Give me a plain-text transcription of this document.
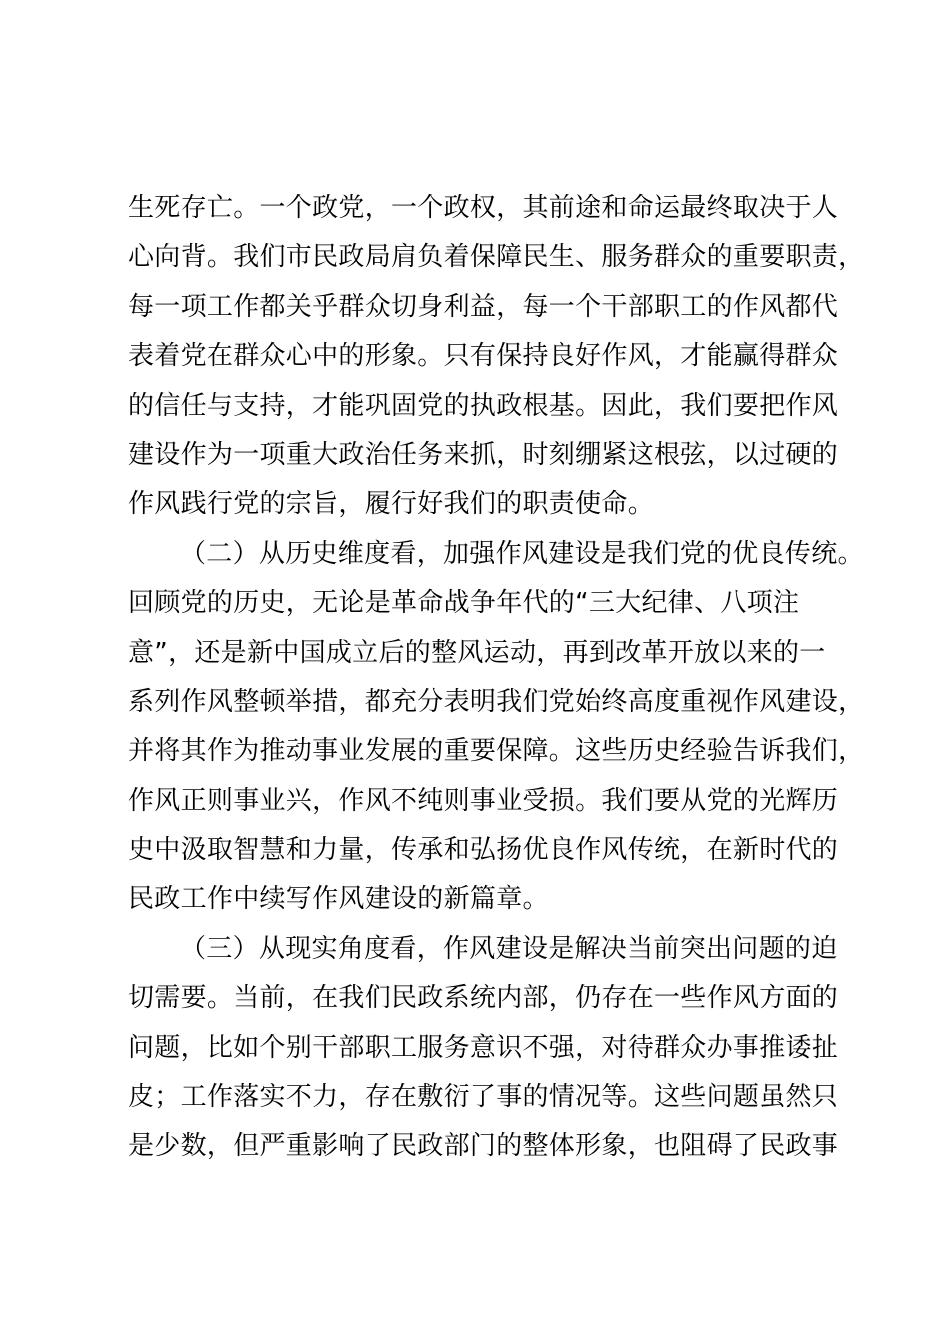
生死存亡。一个政党，一个政权，其前途和命运最终取决于人
心向背。我们市民政局肩负着保障民生、服务群众的重要职责，
每一项工作都关乎群众切身利益，每一个干部职工的作风都代
表着党在群众心中的形象。只有保持良好作风，才能赢得群众
的信任与支持，才能巩固党的执政根基。因此，我们要把作风
建设作为一项重大政治任务来抓，时刻绷紧这根弦，以过硬的
作风践行党的宗旨，履行好我们的职责使命。
（二）从历史维度看，加强作风建设是我们党的优良传统。
回顾党的历史，无论是革命战争年代的“三大纪律、八项注
意”，还是新中国成立后的整风运动，再到改革开放以来的一
系列作风整顿举措，都充分表明我们党始终高度重视作风建设，
并将其作为推动事业发展的重要保障。这些历史经验告诉我们，
作风正则事业兴，作风不纯则事业受损。我们要从党的光辉历
史中汲取智慧和力量，传承和弘扬优良作风传统，在新时代的
民政工作中续写作风建设的新篇章。
（三）从现实角度看，作风建设是解决当前突出问题的迫
切需要。当前，在我们民政系统内部，仍存在一些作风方面的
问题，比如个别干部职工服务意识不强，对待群众办事推诿扯
皮；工作落实不力，存在敷衍了事的情况等。这些问题虽然只
是少数，但严重影响了民政部门的整体形象，也阻碍了民政事
